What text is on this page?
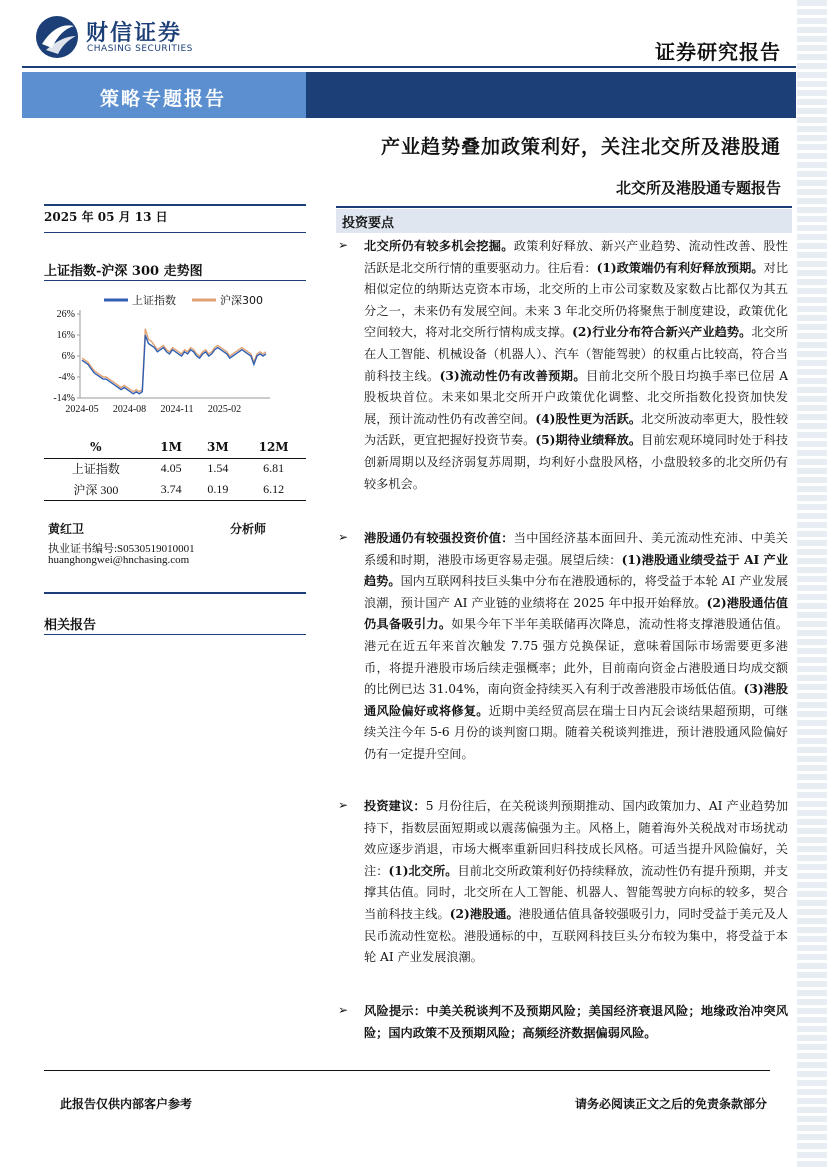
财信证券
CHASING SECURITIES	证券研究报告
策略专题报告
产业趋势叠加政策利好，关注北交所及港股通
北交所及港股通专题报告
2025 年 05 月 13 日
上证指数-沪深 300 走势图
26%
16%
6%
-4%
-14%
2024-05 2024-08 2024-11 2025-02
上证指数	沪深300
%	1M	3M	12M
上证指数	4.05	1.54	6.81
沪深 300	3.74	0.19	6.12
黄红卫	分析师
执业证书编号:S0530519010001
huanghongwei@hnchasing.com
相关报告
投资要点
➢ 北交所仍有较多机会挖掘。政策利好释放、新兴产业趋势、流动性改善、股性活跃是北交所行情的重要驱动力。往后看：(1)政策端仍有利好释放预期。对比相似定位的纳斯达克资本市场，北交所的上市公司家数及家数占比都仅为其五分之一，未来仍有发展空间。未来 3 年北交所仍将聚焦于制度建设，政策优化空间较大，将对北交所行情构成支撑。(2)行业分布符合新兴产业趋势。北交所在人工智能、机械设备（机器人）、汽车（智能驾驶）的权重占比较高，符合当前科技主线。(3)流动性仍有改善预期。目前北交所个股日均换手率已位居 A 股板块首位。未来如果北交所开户政策优化调整、北交所指数化投资加快发展，预计流动性仍有改善空间。(4)股性更为活跃。北交所波动率更大，股性较为活跃，更宜把握好投资节奏。(5)期待业绩释放。目前宏观环境同时处于科技创新周期以及经济弱复苏周期，均利好小盘股风格，小盘股较多的北交所仍有较多机会。

➢ 港股通仍有较强投资价值：当中国经济基本面回升、美元流动性充沛、中美关系缓和时期，港股市场更容易走强。展望后续：(1)港股通业绩受益于 AI 产业趋势。国内互联网科技巨头集中分布在港股通标的，将受益于本轮 AI 产业发展浪潮，预计国产 AI 产业链的业绩将在 2025 年中报开始释放。(2)港股通估值仍具备吸引力。如果今年下半年美联储再次降息，流动性将支撑港股通估值。港元在近五年来首次触发 7.75 强方兑换保证，意味着国际市场需要更多港币，将提升港股市场后续走强概率；此外，目前南向资金占港股通日均成交额的比例已达 31.04%，南向资金持续买入有利于改善港股市场低估值。(3)港股通风险偏好或将修复。近期中美经贸高层在瑞士日内瓦会谈结果超预期，可继续关注今年 5-6 月份的谈判窗口期。随着关税谈判推进，预计港股通风险偏好仍有一定提升空间。

➢ 投资建议：5 月份往后，在关税谈判预期推动、国内政策加力、AI 产业趋势加持下，指数层面短期或以震荡偏强为主。风格上，随着海外关税战对市场扰动效应逐步消退，市场大概率重新回归科技成长风格。可适当提升风险偏好，关注：(1)北交所。目前北交所政策利好仍持续释放，流动性仍有提升预期，并支撑其估值。同时，北交所在人工智能、机器人、智能驾驶方向标的较多，契合当前科技主线。(2)港股通。港股通估值具备较强吸引力，同时受益于美元及人民币流动性宽松。港股通标的中，互联网科技巨头分布较为集中，将受益于本轮 AI 产业发展浪潮。

➢ 风险提示：中美关税谈判不及预期风险；美国经济衰退风险；地缘政治冲突风险；国内政策不及预期风险；高频经济数据偏弱风险。

此报告仅供内部客户参考	请务必阅读正文之后的免责条款部分
